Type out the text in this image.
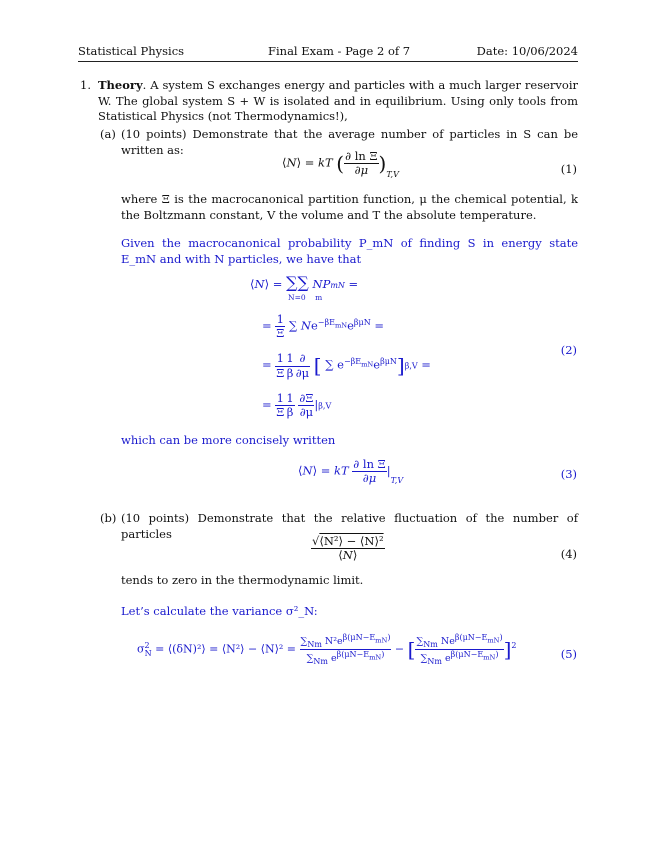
Statistical Physics	Final Exam - Page 2 of 7	Date: 10/06/2024
1. Theory. A system S exchanges energy and particles with a much larger reservoir W. The global system S + W is isolated and in equilibrium. Using only tools from Statistical Physics (not Thermodynamics!),
(a) (10 points) Demonstrate that the average number of particles in S can be written as:
⟨N⟩ = kT ( $\frac{\text{∂ ln Ξ}}{\partial\mu} )_{T,V}$	(1)
where Ξ is the macrocanonical partition function, μ the chemical potential, k the Boltzmann constant, V the volume and T the absolute temperature.
Given the macrocanonical probability P_mN of finding S in energy state E_mN and with N particles, we have that
⟨N⟩ = ∑∑ NPmN =
N=0    m
= $\frac{1}{\Xi}$ ∑ $Ne^{-\beta E_{mN}}e^{\beta\mu N}$ =
= $\frac{1}{\Xi} \frac{1}{\beta} \frac{\partial}{\partial\mu}$ [ ∑ $e^{-\beta E_{mN}}e^{\beta\mu N}]\beta,V$ =
= $\frac{1}{\Xi} \frac{1}{\beta}$
$\frac{\partial\Xi}{\partial\mu} |\beta,V$
(2)
which can be more concisely written
⟨N⟩ = kT $\frac{\text{∂ ln Ξ}}{\partial\mu} |_{T,V}$	(3)
(b) (10 points) Demonstrate that the relative fluctuation of the number of particles
$\frac{\text{√⟨N²⟩ − ⟨N⟩²}}{⟨N⟩}$	(4)
tends to zero in the thermodynamic limit.
Let’s calculate the variance σ²_N:
$\sigma^2_N$ = ⟨(δN)²⟩ = ⟨N²⟩ − ⟨N⟩² = $\frac{\sum_{Nm} N^2e^{\beta(\mu N-E_{mN})}}{\sum_{Nm} e^{\beta(\mu N-E_{mN})}}$ − [ $\frac{\sum_{Nm} Ne^{\beta(\mu N-E_{mN})}}{\sum_{Nm} e^{\beta(\mu N-E_{mN})}} ]^2$
(5)
